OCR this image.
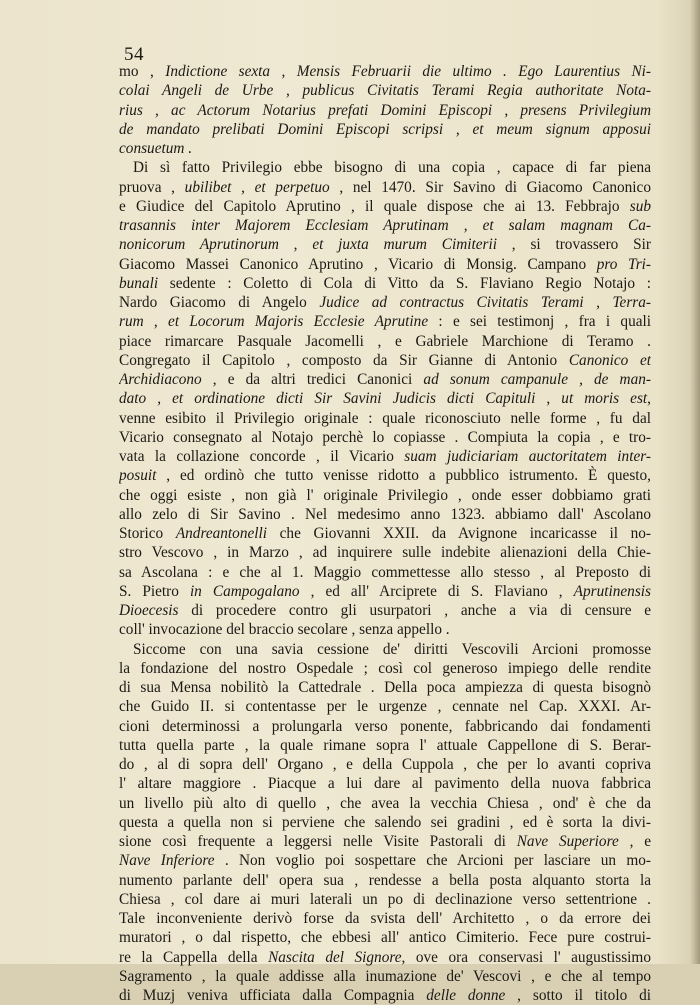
54
mo , Indictione sexta , Mensis Februarii die ultimo . Ego Laurentius Ni-
colai Angeli de Urbe , publicus Civitatis Terami Regia authoritate Nota-
rius , ac Actorum Notarius prefati Domini Episcopi , presens Privilegium
de mandato prelibati Domini Episcopi scripsi , et meum signum apposui
consuetum .
Di sì fatto Privilegio ebbe bisogno di una copia , capace di far piena
pruova , ubilibet , et perpetuo , nel 1470. Sir Savino di Giacomo Canonico
e Giudice del Capitolo Aprutino , il quale dispose che ai 13. Febbrajo sub
trasannis inter Majorem Ecclesiam Aprutinam , et salam magnam Ca-
nonicorum Aprutinorum , et juxta murum Cimiterii , si trovassero Sir
Giacomo Massei Canonico Aprutino , Vicario di Monsig. Campano pro Tri-
bunali sedente : Coletto di Cola di Vitto da S. Flaviano Regio Notajo :
Nardo Giacomo di Angelo Judice ad contractus Civitatis Terami , Terra-
rum , et Locorum Majoris Ecclesie Aprutine : e sei testimonj , fra i quali
piace rimarcare Pasquale Jacomelli , e Gabriele Marchione di Teramo .
Congregato il Capitolo , composto da Sir Gianne di Antonio Canonico et
Archidiacono , e da altri tredici Canonici ad sonum campanule , de man-
dato , et ordinatione dicti Sir Savini Judicis dicti Capituli , ut moris est,
venne esibito il Privilegio originale : quale riconosciuto nelle forme , fu dal
Vicario consegnato al Notajo perchè lo copiasse . Compiuta la copia , e tro-
vata la collazione concorde , il Vicario suam judiciariam auctoritatem inter-
posuit , ed ordinò che tutto venisse ridotto a pubblico istrumento. È questo,
che oggi esiste , non già l' originale Privilegio , onde esser dobbiamo grati
allo zelo di Sir Savino . Nel medesimo anno 1323. abbiamo dall' Ascolano
Storico Andreantonelli che Giovanni XXII. da Avignone incaricasse il no-
stro Vescovo , in Marzo , ad inquirere sulle indebite alienazioni della Chie-
sa Ascolana : e che al 1. Maggio commettesse allo stesso , al Preposto di
S. Pietro in Campogalano , ed all' Arciprete di S. Flaviano , Aprutinensis
Dioecesis di procedere contro gli usurpatori , anche a via di censure e
coll' invocazione del braccio secolare , senza appello .
Siccome con una savia cessione de' diritti Vescovili Arcioni promosse
la fondazione del nostro Ospedale ; così col generoso impiego delle rendite
di sua Mensa nobilitò la Cattedrale . Della poca ampiezza di questa bisognò
che Guido II. si contentasse per le urgenze , cennate nel Cap. XXXI. Ar-
cioni determinossi a prolungarla verso ponente, fabbricando dai fondamenti
tutta quella parte , la quale rimane sopra l' attuale Cappellone di S. Berar-
do , al di sopra dell' Organo , e della Cuppola , che per lo avanti copriva
l' altare maggiore . Piacque a lui dare al pavimento della nuova fabbrica
un livello più alto di quello , che avea la vecchia Chiesa , ond' è che da
questa a quella non si perviene che salendo sei gradini , ed è sorta la divi-
sione così frequente a leggersi nelle Visite Pastorali di Nave Superiore , e
Nave Inferiore . Non voglio poi sospettare che Arcioni per lasciare un mo-
numento parlante dell' opera sua , rendesse a bella posta alquanto storta la
Chiesa , col dare ai muri laterali un po di declinazione verso settentrione .
Tale inconveniente derivò forse da svista dell' Architetto , o da errore dei
muratori , o dal rispetto, che ebbesi all' antico Cimiterio. Fece pure costrui-
re la Cappella della Nascita del Signore, ove ora conservasi l' augustissimo
Sagramento , la quale addisse alla inumazione de' Vescovi , e che al tempo
di Muzj veniva ufficiata dalla Compagnia delle donne , sotto il titolo di
